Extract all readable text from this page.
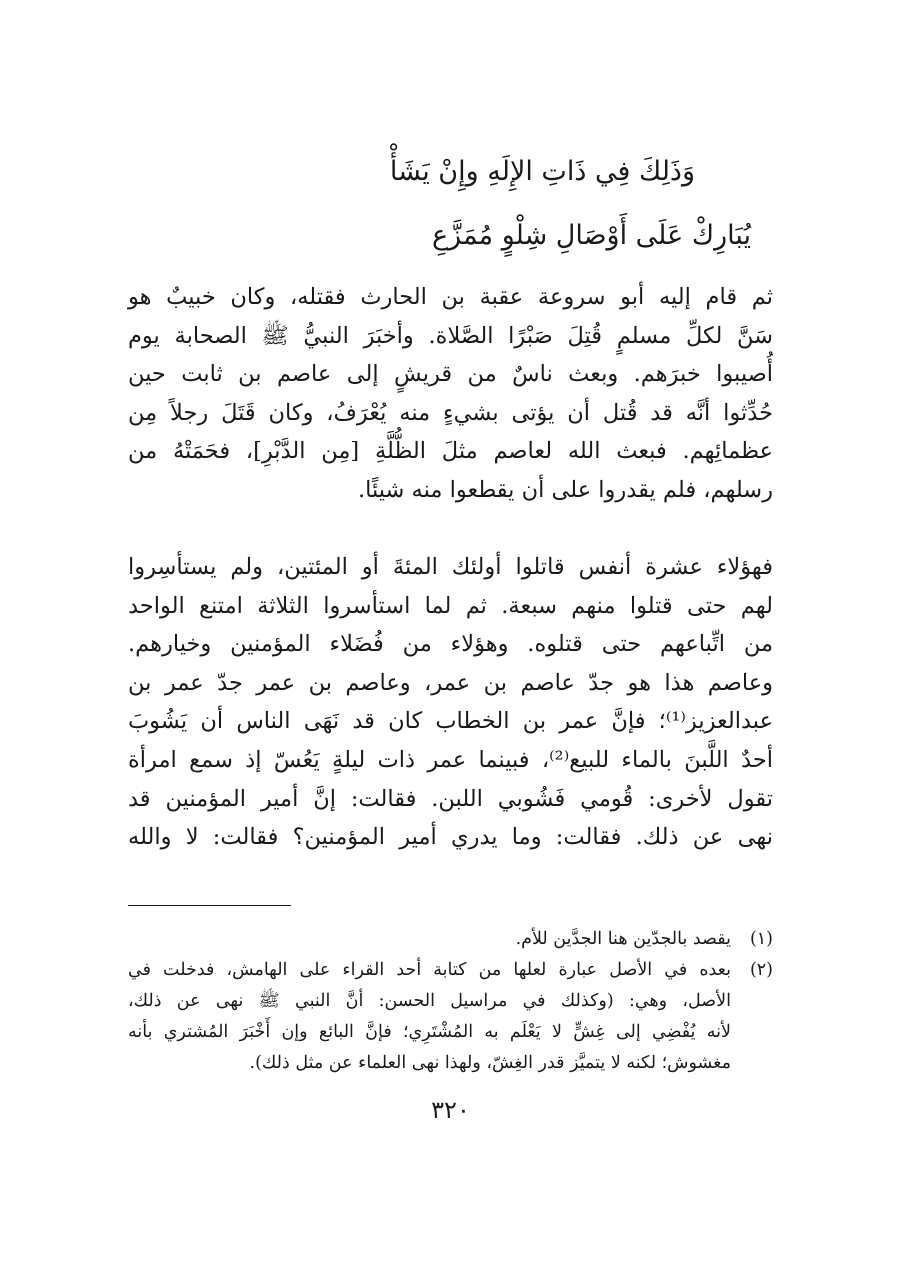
وَذَلِكَ فِي ذَاتِ الإِلَهِ وإِنْ يَشَأْ
يُبَارِكْ عَلَى أَوْصَالِ شِلْوٍ مُمَزَّعِ
ثم قام إليه أبو سروعة عقبة بن الحارث فقتله، وكان خبيبٌ هو
سَنَّ لكلِّ مسلمٍ قُتِلَ صَبْرًا الصَّلاة. وأخبَرَ النبيُّ ﷺ الصحابة يوم
أُصيبوا خبرَهم. وبعث ناسٌ من قريشٍ إلى عاصم بن ثابت حين
حُدِّثوا أنَّه قد قُتل أن يؤتى بشيءٍ منه يُعْرَفُ، وكان قَتَلَ رجلاً مِن
عظمائِهم. فبعث الله لعاصم مثلَ الظُّلَّةِ [مِن الدَّبْرِ]، فحَمَتْهُ من
رسلهم، فلم يقدروا على أن يقطعوا منه شيئًا.
فهؤلاء عشرة أنفس قاتلوا أولئك المئةَ أو المئتين، ولم يستأسِروا
لهم حتى قتلوا منهم سبعة. ثم لما استأسروا الثلاثة امتنع الواحد
من اتِّباعهم حتى قتلوه. وهؤلاء من فُضَلاء المؤمنين وخيارهم.
وعاصم هذا هو جدّ عاصم بن عمر، وعاصم بن عمر جدّ عمر بن
عبدالعزيز⁽¹⁾؛ فإنَّ عمر بن الخطاب كان قد نَهَى الناس أن يَشُوبَ
أحدٌ اللَّبنَ بالماء للبيع⁽²⁾، فبينما عمر ذات ليلةٍ يَعُسّ إذ سمع امرأة
تقول لأخرى: قُومي فَشُوبي اللبن. فقالت: إنَّ أمير المؤمنين قد
نهى عن ذلك. فقالت: وما يدري أمير المؤمنين؟ فقالت: لا والله
(١)
يقصد بالجدّين هنا الجدَّين للأم.
(٢)
بعده في الأصل عبارة لعلها من كتابة أحد القراء على الهامش، فدخلت في
الأصل، وهي: (وكذلك في مراسيل الحسن: أنَّ النبي ﷺ نهى عن ذلك،
لأنه يُفْضِي إلى غِشٍّ لا يَعْلَم به المُشْتَرِي؛ فإنَّ البائع وإن أَخْبَرَ المُشتري بأنه
مغشوش؛ لكنه لا يتميَّز قدر الغِشّ، ولهذا نهى العلماء عن مثل ذلك).
٣٢٠
